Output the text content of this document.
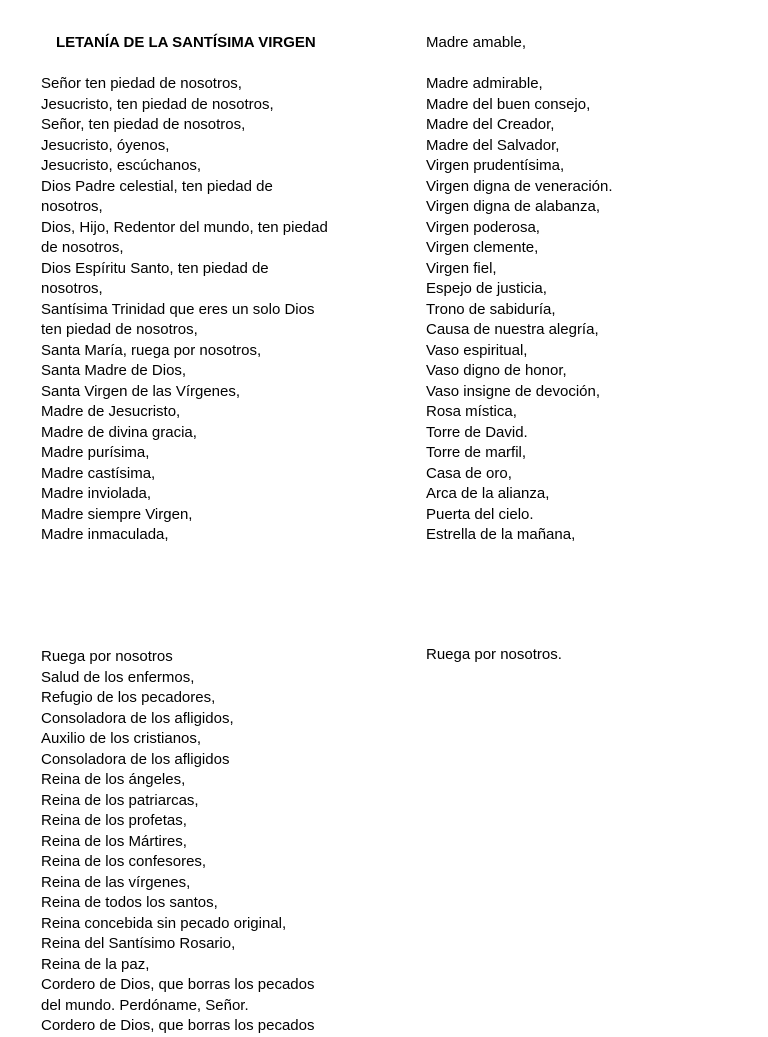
LETANÍA DE LA SANTÍSIMA VIRGEN
Señor ten piedad de nosotros,
Jesucristo, ten piedad de nosotros,
Señor, ten piedad de nosotros,
Jesucristo, óyenos,
Jesucristo, escúchanos,
Dios Padre celestial, ten piedad de
nosotros,
Dios, Hijo, Redentor del mundo, ten piedad
de nosotros,
Dios Espíritu Santo, ten piedad de
nosotros,
Santísima Trinidad que eres un solo Dios
ten piedad de nosotros,
Santa María, ruega por nosotros,
Santa Madre de Dios,
Santa Virgen de las Vírgenes,
Madre de Jesucristo,
Madre de divina gracia,
Madre purísima,
Madre castísima,
Madre inviolada,
Madre siempre Virgen,
Madre inmaculada,
Madre amable,
Madre admirable,
Madre del buen consejo,
Madre del Creador,
Madre del Salvador,
Virgen prudentísima,
Virgen digna de veneración.
Virgen digna de alabanza,
Virgen poderosa,
Virgen clemente,
Virgen fiel,
Espejo de justicia,
Trono de sabiduría,
Causa de nuestra alegría,
Vaso espiritual,
Vaso digno de honor,
Vaso insigne de devoción,
Rosa mística,
Torre de David.
Torre de marfil,
Casa de oro,
Arca de la alianza,
Puerta del cielo.
Estrella de la mañana,
Ruega por nosotros
Salud de los enfermos,
Refugio de los pecadores,
Consoladora de los afligidos,
Auxilio de los cristianos,
Consoladora de los afligidos
Reina de los ángeles,
Reina de los patriarcas,
Reina de los profetas,
Reina de los Mártires,
Reina de los confesores,
Reina de las vírgenes,
Reina de todos los santos,
Reina concebida sin pecado original,
Reina del Santísimo Rosario,
Reina de la paz,
Cordero de Dios, que borras los pecados
del mundo. Perdóname, Señor.
Cordero de Dios, que borras los pecados
Ruega por nosotros.
